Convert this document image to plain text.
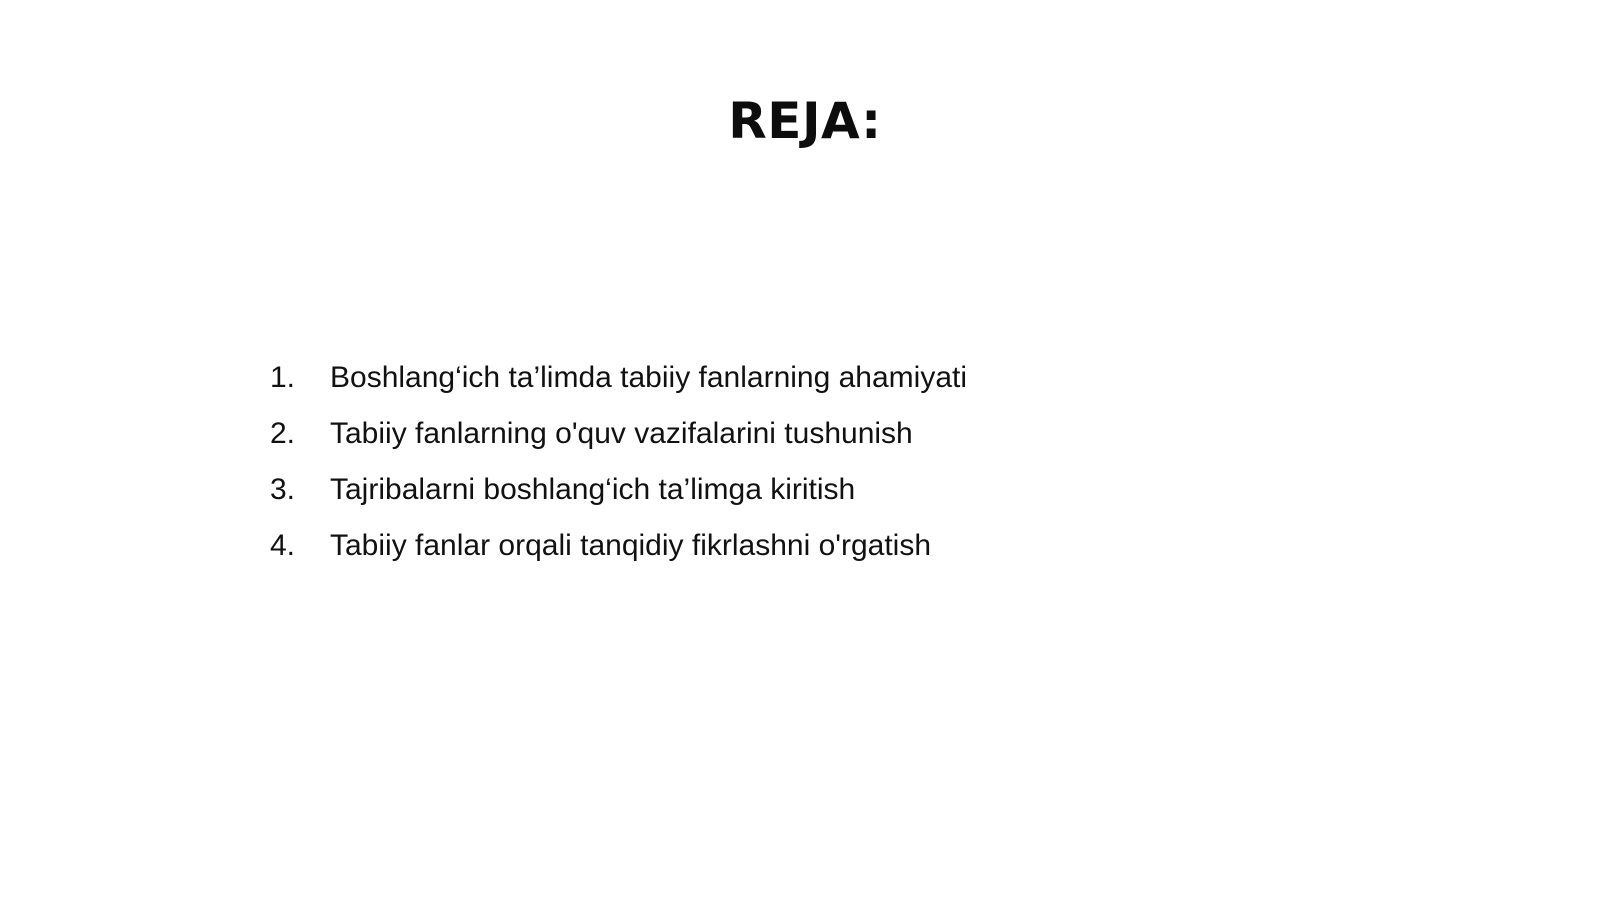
REJA:
1.	Boshlang‘ich ta’limda tabiiy fanlarning ahamiyati
2.	Tabiiy fanlarning o'quv vazifalarini tushunish
3.	Tajribalarni boshlang‘ich ta’limga kiritish
4.	Tabiiy fanlar orqali tanqidiy fikrlashni o'rgatish
